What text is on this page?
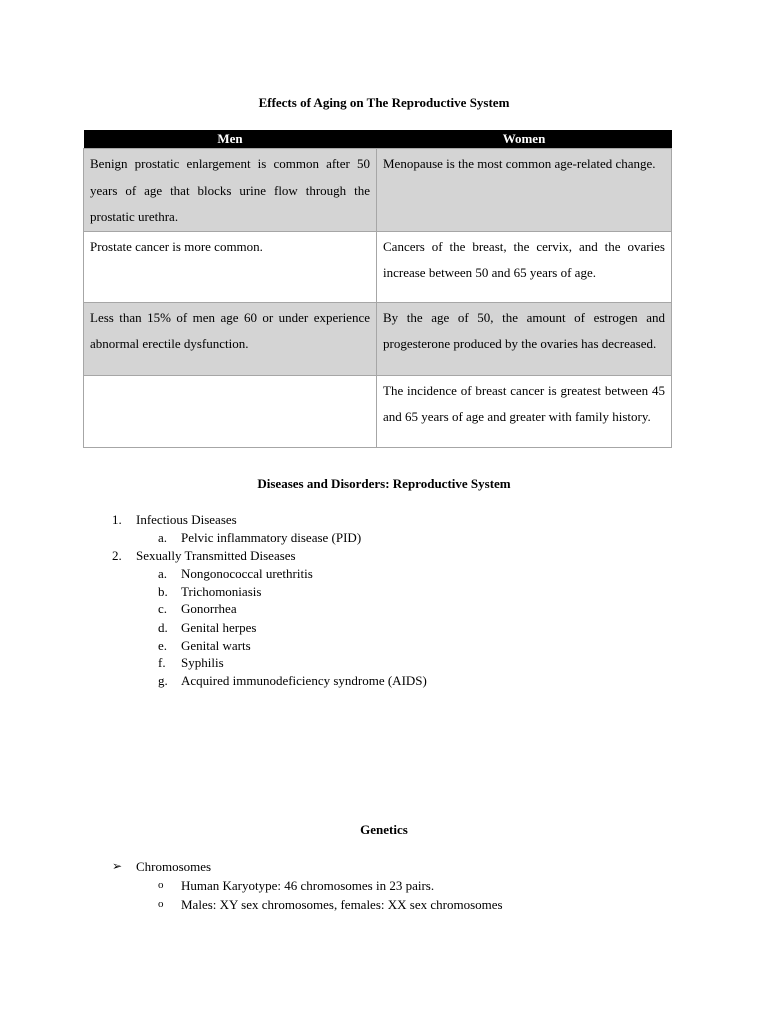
Effects of Aging on The Reproductive System
Men	Women
Benign prostatic enlargement is common after 50 years of age that blocks urine flow through the prostatic urethra.	Menopause is the most common age-related change.
Prostate cancer is more common.	Cancers of the breast, the cervix, and the ovaries increase between 50 and 65 years of age.
Less than 15% of men age 60 or under experience abnormal erectile dysfunction.	By the age of 50, the amount of estrogen and progesterone produced by the ovaries has decreased.
	The incidence of breast cancer is greatest between 45 and 65 years of age and greater with family history.
Diseases and Disorders: Reproductive System
1. Infectious Diseases
a. Pelvic inflammatory disease (PID)
2. Sexually Transmitted Diseases
a. Nongonococcal urethritis
b. Trichomoniasis
c. Gonorrhea
d. Genital herpes
e. Genital warts
f. Syphilis
g. Acquired immunodeficiency syndrome (AIDS)
Genetics
➢ Chromosomes
o Human Karyotype: 46 chromosomes in 23 pairs.
o Males: XY sex chromosomes, females: XX sex chromosomes
